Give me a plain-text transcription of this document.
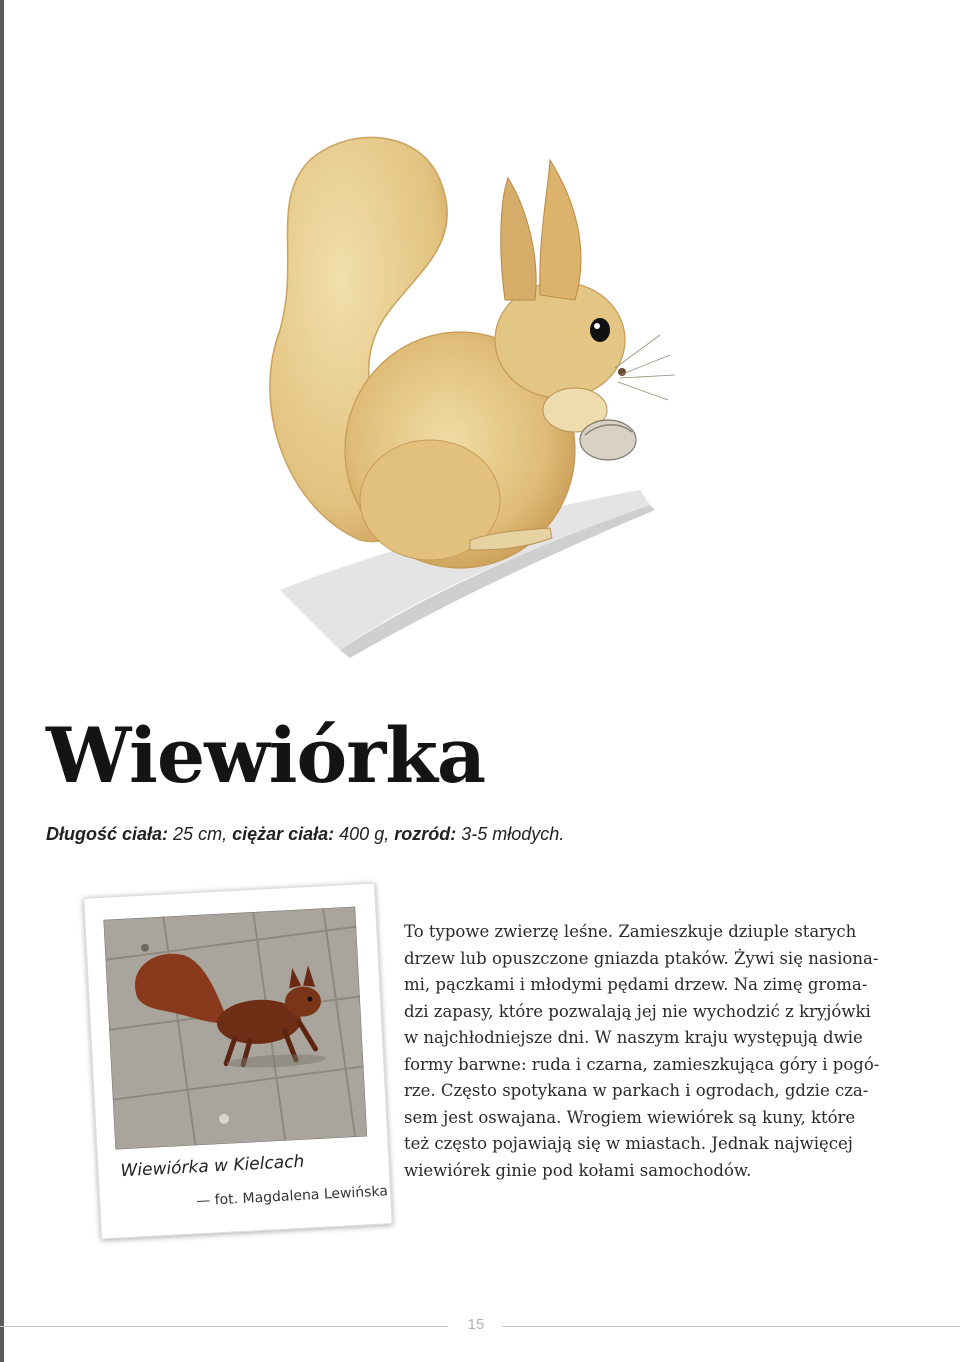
Wiewiórka
Długość ciała: 25 cm, ciężar ciała: 400 g, rozród: 3-5 młodych.

Wiewiórka w Kielcach

— fot. Magdalena Lewińska

To typowe zwierzę leśne. Zamieszkuje dziuple starych
drzew lub opuszczone gniazda ptaków. Żywi się nasiona-
mi, pączkami i młodymi pędami drzew. Na zimę groma-
dzi zapasy, które pozwalają jej nie wychodzić z kryjówki
w najchłodniejsze dni. W naszym kraju występują dwie
formy barwne: ruda i czarna, zamieszkująca góry i pogó-
rze. Często spotykana w parkach i ogrodach, gdzie cza-
sem jest oswajana. Wrogiem wiewiórek są kuny, które
też często pojawiają się w miastach. Jednak najwięcej
wiewiórek ginie pod kołami samochodów.
15
